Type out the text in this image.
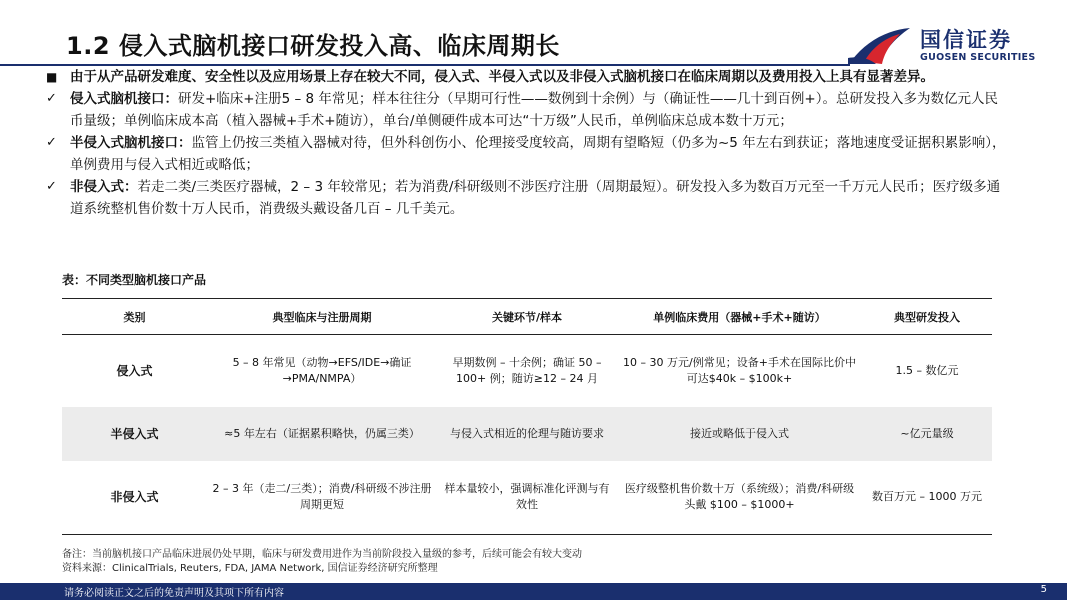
1.2 侵入式脑机接口研发投入高、临床周期长	国信证券
GUOSEN SECURITIES
■ 由于从产品研发难度、安全性以及应用场景上存在较大不同，侵入式、半侵入式以及非侵入式脑机接口在临床周期以及费用投入上具有显著差异。
✓ 侵入式脑机接口：研发+临床+注册5 – 8 年常见；样本往往分（早期可行性——数例到十余例）与（确证性——几十到百例+）。总研发投入多为数亿元人民币量级；单例临床成本高（植入器械+手术+随访），单台/单侧硬件成本可达“十万级”人民币，单例临床总成本数十万元；
✓ 半侵入式脑机接口：监管上仍按三类植入器械对待，但外科创伤小、伦理接受度较高，周期有望略短（仍多为~5 年左右到获证；落地速度受证据积累影响），单例费用与侵入式相近或略低；
✓ 非侵入式：若走二类/三类医疗器械，2 – 3 年较常见；若为消费/科研级则不涉医疗注册（周期最短）。研发投入多为数百万元至一千万元人民币；医疗级多通道系统整机售价数十万人民币，消费级头戴设备几百 – 几千美元。
表：不同类型脑机接口产品
类别	典型临床与注册周期	关键环节/样本	单例临床费用（器械+手术+随访）	典型研发投入
侵入式	5 – 8 年常见（动物→EFS/IDE→确证→PMA/NMPA）	早期数例 – 十余例；确证 50 – 100+ 例；随访≥12 – 24 月	10 – 30 万元/例常见；设备+手术在国际比价中可达$40k – $100k+	1.5 – 数亿元
半侵入式	≈5 年左右（证据累积略快，仍属三类）	与侵入式相近的伦理与随访要求	接近或略低于侵入式	~亿元量级
非侵入式	2 – 3 年（走二/三类）；消费/科研级不涉注册周期更短	样本量较小，强调标准化评测与有效性	医疗级整机售价数十万（系统级）；消费/科研级头戴 $100 – $1000+	数百万元 – 1000 万元
备注：当前脑机接口产品临床进展仍处早期，临床与研发费用进作为当前阶段投入量级的参考，后续可能会有较大变动
资料来源：ClinicalTrials, Reuters, FDA, JAMA Network, 国信证券经济研究所整理
请务必阅读正文之后的免责声明及其项下所有内容	5
